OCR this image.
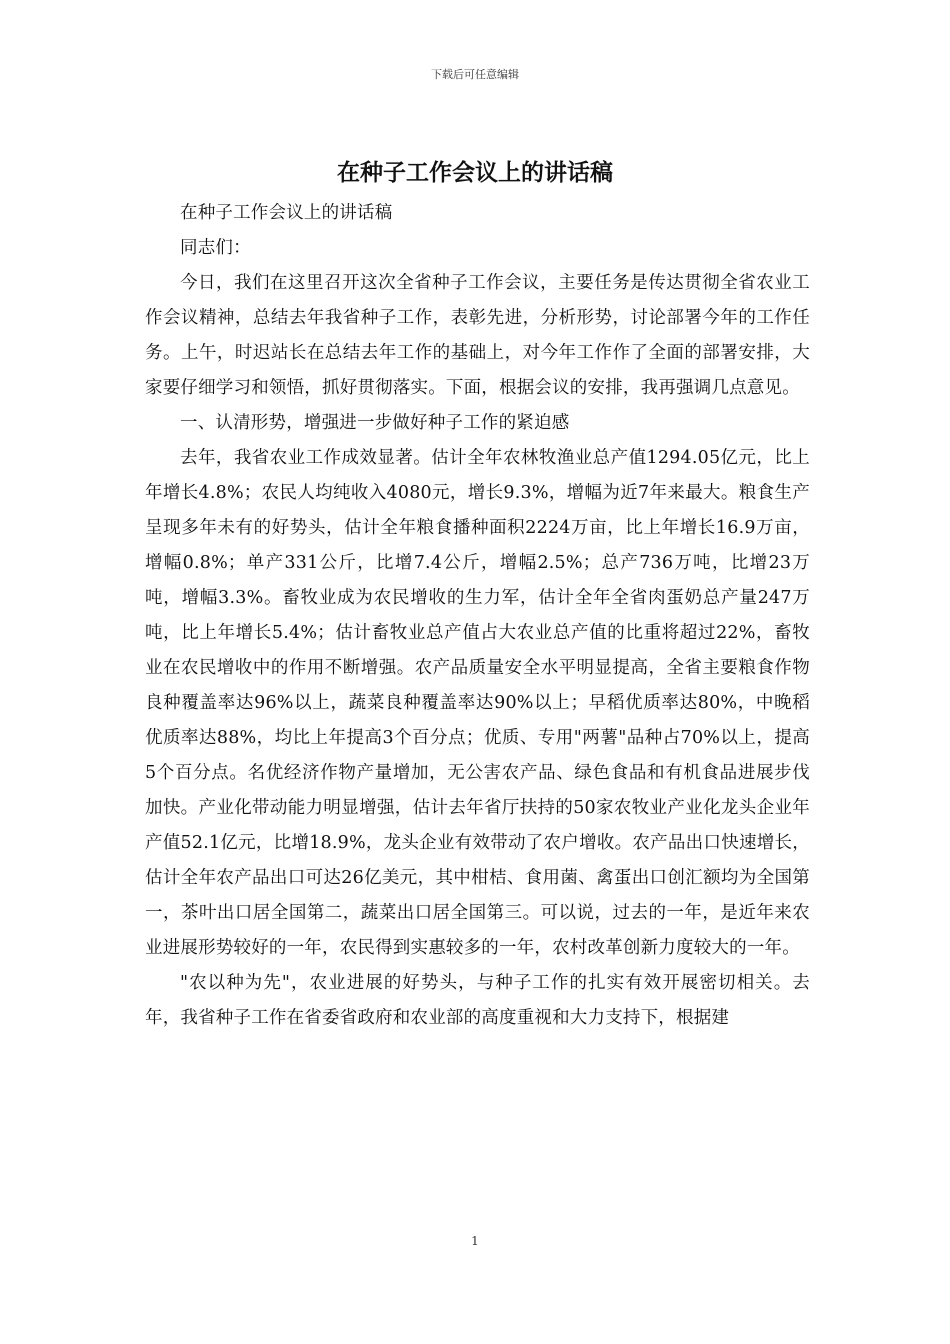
下载后可任意编辑
在种子工作会议上的讲话稿

在种子工作会议上的讲话稿

同志们：

今日，我们在这里召开这次全省种子工作会议，主要任务是传达贯彻全省农业工作会议精神，总结去年我省种子工作，表彰先进，分析形势，讨论部署今年的工作任务。上午，时迟站长在总结去年工作的基础上，对今年工作作了全面的部署安排，大家要仔细学习和领悟，抓好贯彻落实。下面，根据会议的安排，我再强调几点意见。

一、认清形势，增强进一步做好种子工作的紧迫感

去年，我省农业工作成效显著。估计全年农林牧渔业总产值1294.05亿元，比上年增长4.8%；农民人均纯收入4080元，增长9.3%，增幅为近7年来最大。粮食生产呈现多年未有的好势头，估计全年粮食播种面积2224万亩，比上年增长16.9万亩，增幅0.8%；单产331公斤，比增7.4公斤，增幅2.5%；总产736万吨，比增23万吨，增幅3.3%。畜牧业成为农民增收的生力军，估计全年全省肉蛋奶总产量247万吨，比上年增长5.4%；估计畜牧业总产值占大农业总产值的比重将超过22%，畜牧业在农民增收中的作用不断增强。农产品质量安全水平明显提高，全省主要粮食作物良种覆盖率达96%以上，蔬菜良种覆盖率达90%以上；早稻优质率达80%，中晚稻优质率达88%，均比上年提高3个百分点；优质、专用"两薯"品种占70%以上，提高5个百分点。名优经济作物产量增加，无公害农产品、绿色食品和有机食品进展步伐加快。产业化带动能力明显增强，估计去年省厅扶持的50家农牧业产业化龙头企业年产值52.1亿元，比增18.9%，龙头企业有效带动了农户增收。农产品出口快速增长，估计全年农产品出口可达26亿美元，其中柑桔、食用菌、禽蛋出口创汇额均为全国第一，茶叶出口居全国第二，蔬菜出口居全国第三。可以说，过去的一年，是近年来农业进展形势较好的一年，农民得到实惠较多的一年，农村改革创新力度较大的一年。

"农以种为先"，农业进展的好势头，与种子工作的扎实有效开展密切相关。去年，我省种子工作在省委省政府和农业部的高度重视和大力支持下，根据建

1
